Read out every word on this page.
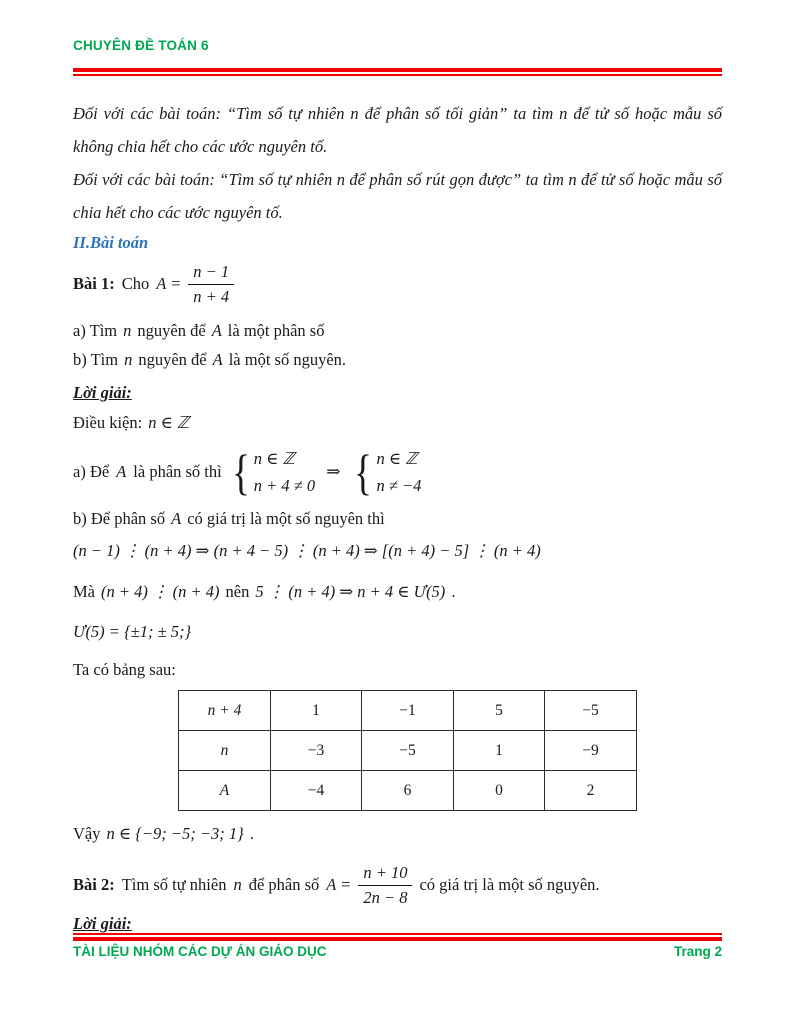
CHUYÊN ĐỀ TOÁN 6

Đối với các bài toán: “Tìm số tự nhiên n để phân số tối giản” ta tìm n để tử số hoặc mẫu số không chia hết cho các ước nguyên tố.

Đối với các bài toán: “Tìm số tự nhiên n để phân số rút gọn được” ta tìm n để tử số hoặc mẫu số chia hết cho các ước nguyên tố.

II.Bài toán
Bài 1: Cho $A = \frac{n - 1}{n + 4}$
a) Tìm n nguyên để A là một phân số
b) Tìm n nguyên để A là một số nguyên.
Lời giải:
Điều kiện: n ∈ ℤ
a) Để A là phân số thì { n ∈ ℤ
n + 4 ≠ 0
⇒ { n ∈ ℤ
n ≠ −4
b) Để phân số A có giá trị là một số nguyên thì
(n − 1) ⋮ (n + 4) ⇒ (n + 4 − 5) ⋮ (n + 4) ⇒ [(n + 4) − 5] ⋮ (n + 4)
Mà (n + 4) ⋮ (n + 4) nên 5 ⋮ (n + 4) ⇒ n + 4 ∈ Ư(5) .
Ư(5) = {±1; ± 5;}
Ta có bảng sau:
n + 4	1	−1	5	−5
n	−3	−5	1	−9
A	−4	6	0	2
Vậy n ∈ {−9; −5; −3; 1} .
Bài 2: Tìm số tự nhiên n để phân số $A = \frac{n + 10}{2n - 8}$ có giá trị là một số nguyên.
Lời giải:
TÀI LIỆU NHÓM CÁC DỰ ÁN GIÁO DỤC	Trang 2
